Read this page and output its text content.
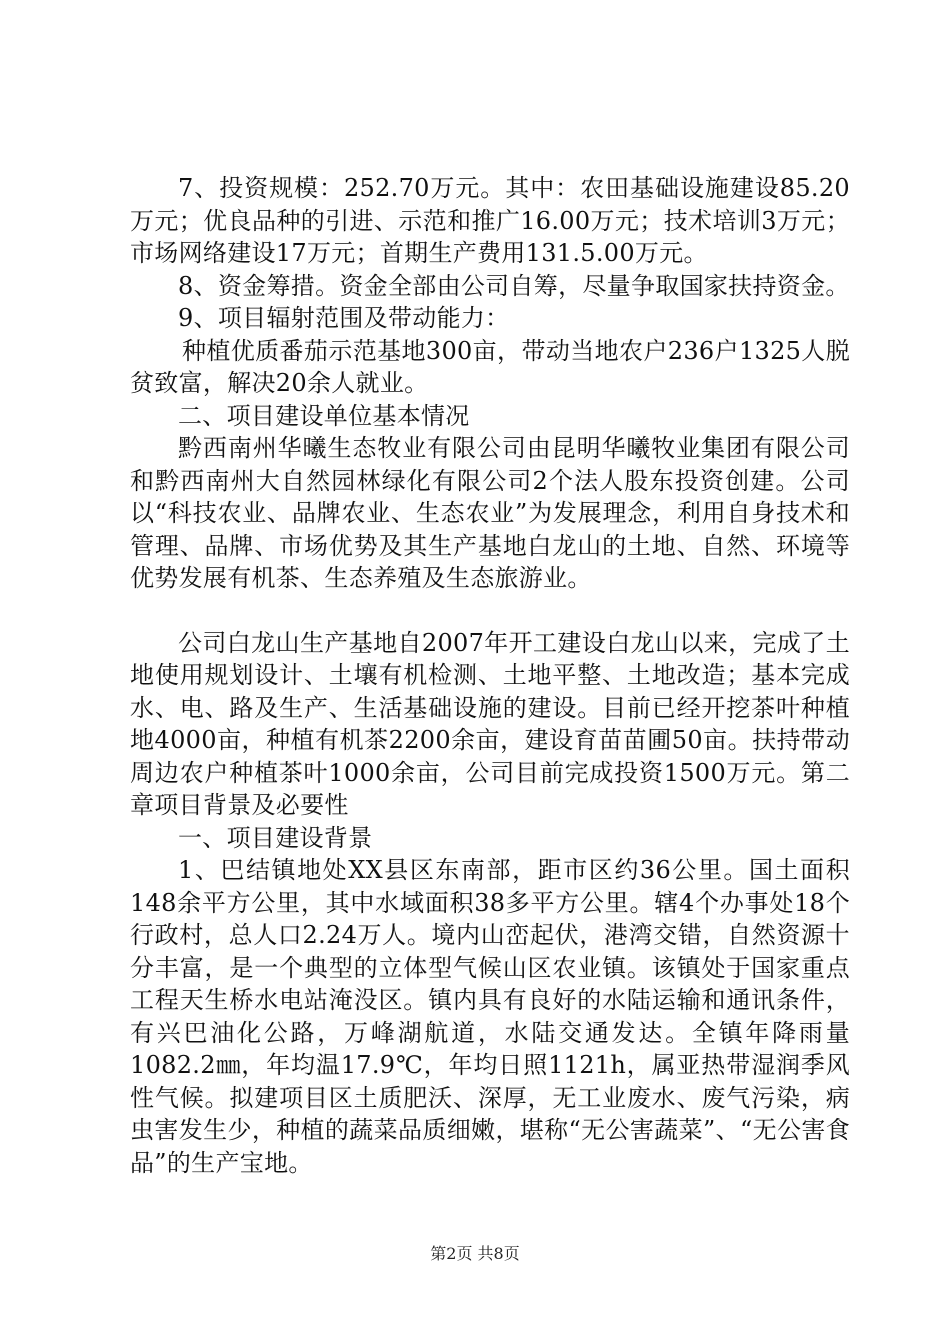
7、投资规模：252.70万元。其中：农田基础设施建设85.20万元；优良品种的引进、示范和推广16.00万元；技术培训3万元；市场网络建设17万元；首期生产费用131.5.00万元。

8、资金筹措。资金全部由公司自筹，尽量争取国家扶持资金。

9、项目辐射范围及带动能力：

种植优质番茄示范基地300亩，带动当地农户236户1325人脱贫致富，解决20余人就业。

二、项目建设单位基本情况

黔西南州华曦生态牧业有限公司由昆明华曦牧业集团有限公司和黔西南州大自然园林绿化有限公司2个法人股东投资创建。公司以“科技农业、品牌农业、生态农业”为发展理念，利用自身技术和管理、品牌、市场优势及其生产基地白龙山的土地、自然、环境等优势发展有机茶、生态养殖及生态旅游业。

公司白龙山生产基地自2007年开工建设白龙山以来，完成了土地使用规划设计、土壤有机检测、土地平整、土地改造；基本完成水、电、路及生产、生活基础设施的建设。目前已经开挖茶叶种植地4000亩，种植有机茶2200余亩，建设育苗苗圃50亩。扶持带动周边农户种植茶叶1000余亩，公司目前完成投资1500万元。第二章项目背景及必要性

一、项目建设背景

1、巴结镇地处XX县区东南部，距市区约36公里。国土面积148余平方公里，其中水域面积38多平方公里。辖4个办事处18个行政村，总人口2.24万人。境内山峦起伏，港湾交错，自然资源十分丰富，是一个典型的立体型气候山区农业镇。该镇处于国家重点工程天生桥水电站淹没区。镇内具有良好的水陆运输和通讯条件，有兴巴油化公路，万峰湖航道，水陆交通发达。全镇年降雨量1082.2㎜，年均温17.9℃，年均日照1121h，属亚热带湿润季风性气候。拟建项目区土质肥沃、深厚，无工业废水、废气污染，病虫害发生少，种植的蔬菜品质细嫩，堪称“无公害蔬菜”、“无公害食品”的生产宝地。

第2页 共8页
